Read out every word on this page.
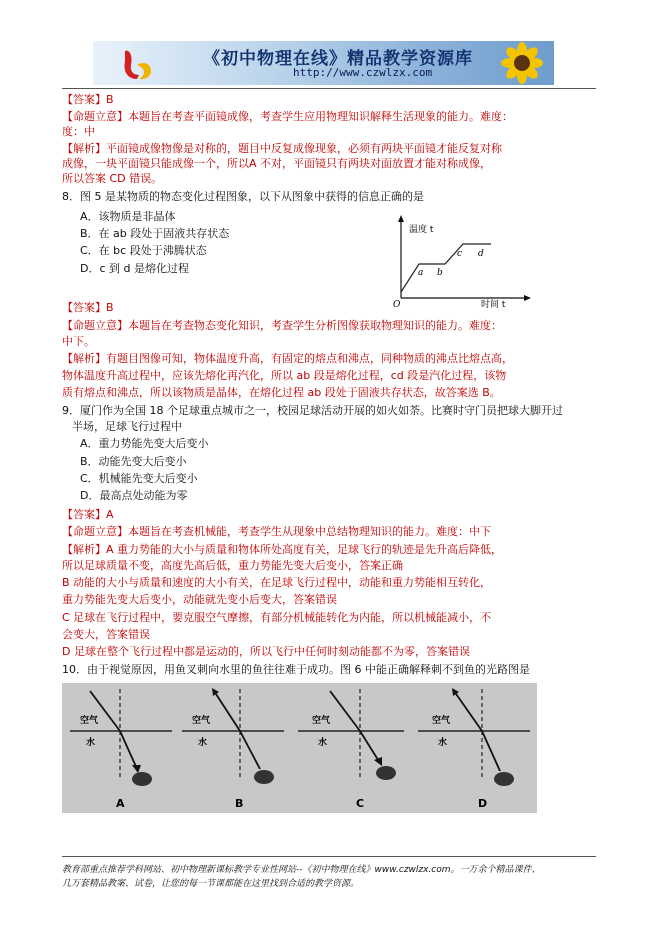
《初中物理在线》精品教学资源库
http://www.czwlzx.com
【答案】B
【命题立意】本题旨在考查平面镜成像，考查学生应用物理知识解释生活现象的能力。难度：
度：中
【解析】平面镜成像物像是对称的，题目中反复成像现象，必须有两块平面镜才能反复对称
成像，一块平面镜只能成像一个，所以A 不对，平面镜只有两块对面放置才能对称成像，
所以答案 CD 错误。
8．图 5 是某物质的物态变化过程图象，以下从图象中获得的信息正确的是
A．该物质是非晶体
B．在 ab 段处于固液共存状态
C．在 bc 段处于沸腾状态
D．c 到 d 是熔化过程
温度 t
时间 t
O
a b
c d
【答案】B
【命题立意】本题旨在考查物态变化知识，考查学生分析图像获取物理知识的能力。难度：
中下。
【解析】有题目图像可知，物体温度升高，有固定的熔点和沸点，同种物质的沸点比熔点高，
物体温度升高过程中，应该先熔化再汽化，所以 ab 段是熔化过程，cd 段是汽化过程，该物
质有熔点和沸点，所以该物质是晶体，在熔化过程 ab 段处于固液共存状态，故答案选 B。
9．厦门作为全国 18 个足球重点城市之一，校园足球活动开展的如火如荼。比赛时守门员把球大脚开过
半场，足球飞行过程中
A．重力势能先变大后变小
B．动能先变大后变小
C．机械能先变大后变小
D．最高点处动能为零
【答案】A
【命题立意】本题旨在考查机械能，考查学生从现象中总结物理知识的能力。难度：中下
【解析】A 重力势能的大小与质量和物体所处高度有关，足球飞行的轨迹是先升高后降低，
所以足球质量不变，高度先高后低，重力势能先变大后变小，答案正确
B 动能的大小与质量和速度的大小有关，在足球飞行过程中，动能和重力势能相互转化，
重力势能先变大后变小，动能就先变小后变大，答案错误
C 足球在飞行过程中，要克服空气摩擦，有部分机械能转化为内能，所以机械能减小，不
会变大，答案错误
D 足球在整个飞行过程中都是运动的，所以飞行中任何时刻动能都不为零，答案错误
10．由于视觉原因，用鱼叉刺向水里的鱼往往难于成功。图 6 中能正确解释刺不到鱼的光路图是
空气
水
A
空气
水
B
空气
水
C
空气
水
D
教育部重点推荐学科网站、初中物理新课标教学专业性网站--《初中物理在线》www.czwlzx.com。一万余个精品课件、
几万套精品教案、试卷，让您的每一节课都能在这里找到合适的教学资源。
